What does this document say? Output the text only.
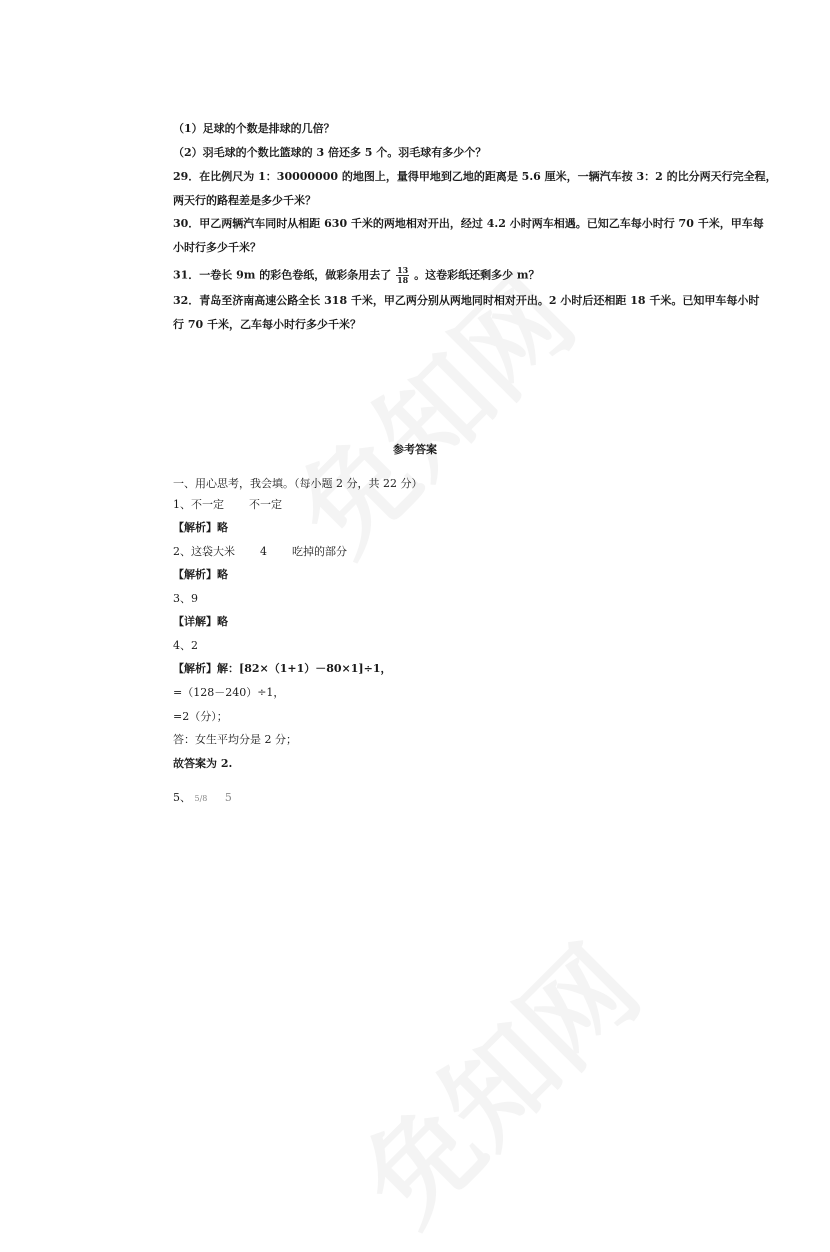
（1）足球的个数是排球的几倍？
（2）羽毛球的个数比篮球的 3 倍还多 5 个。羽毛球有多少个？
29．在比例尺为 1：30000000 的地图上，量得甲地到乙地的距离是 5.6 厘米，一辆汽车按 3：2 的比分两天行完全程，
两天行的路程差是多少千米？
30．甲乙两辆汽车同时从相距 630 千米的两地相对开出，经过 4.2 小时两车相遇。已知乙车每小时行 70 千米，甲车每
小时行多少千米？
31．一卷长 9m 的彩色卷纸，做彩条用去了 $\frac{13}{18}$ 。这卷彩纸还剩多少 m？
32．青岛至济南高速公路全长 318 千米，甲乙两分别从两地同时相对开出。2 小时后还相距 18 千米。已知甲车每小时
行 70 千米，乙车每小时行多少千米？
参考答案
一、用心思考，我会填。（每小题 2 分，共 22 分）
1、不一定 不一定
【解析】略
2、这袋大米 4 吃掉的部分
【解析】略
3、9
【详解】略
4、2
【解析】解：[82×（1+1）－80×1]÷1，
=（128－240）÷1，
=2（分）；
答：女生平均分是 2 分；
故答案为 2.
5、 5/8 5
